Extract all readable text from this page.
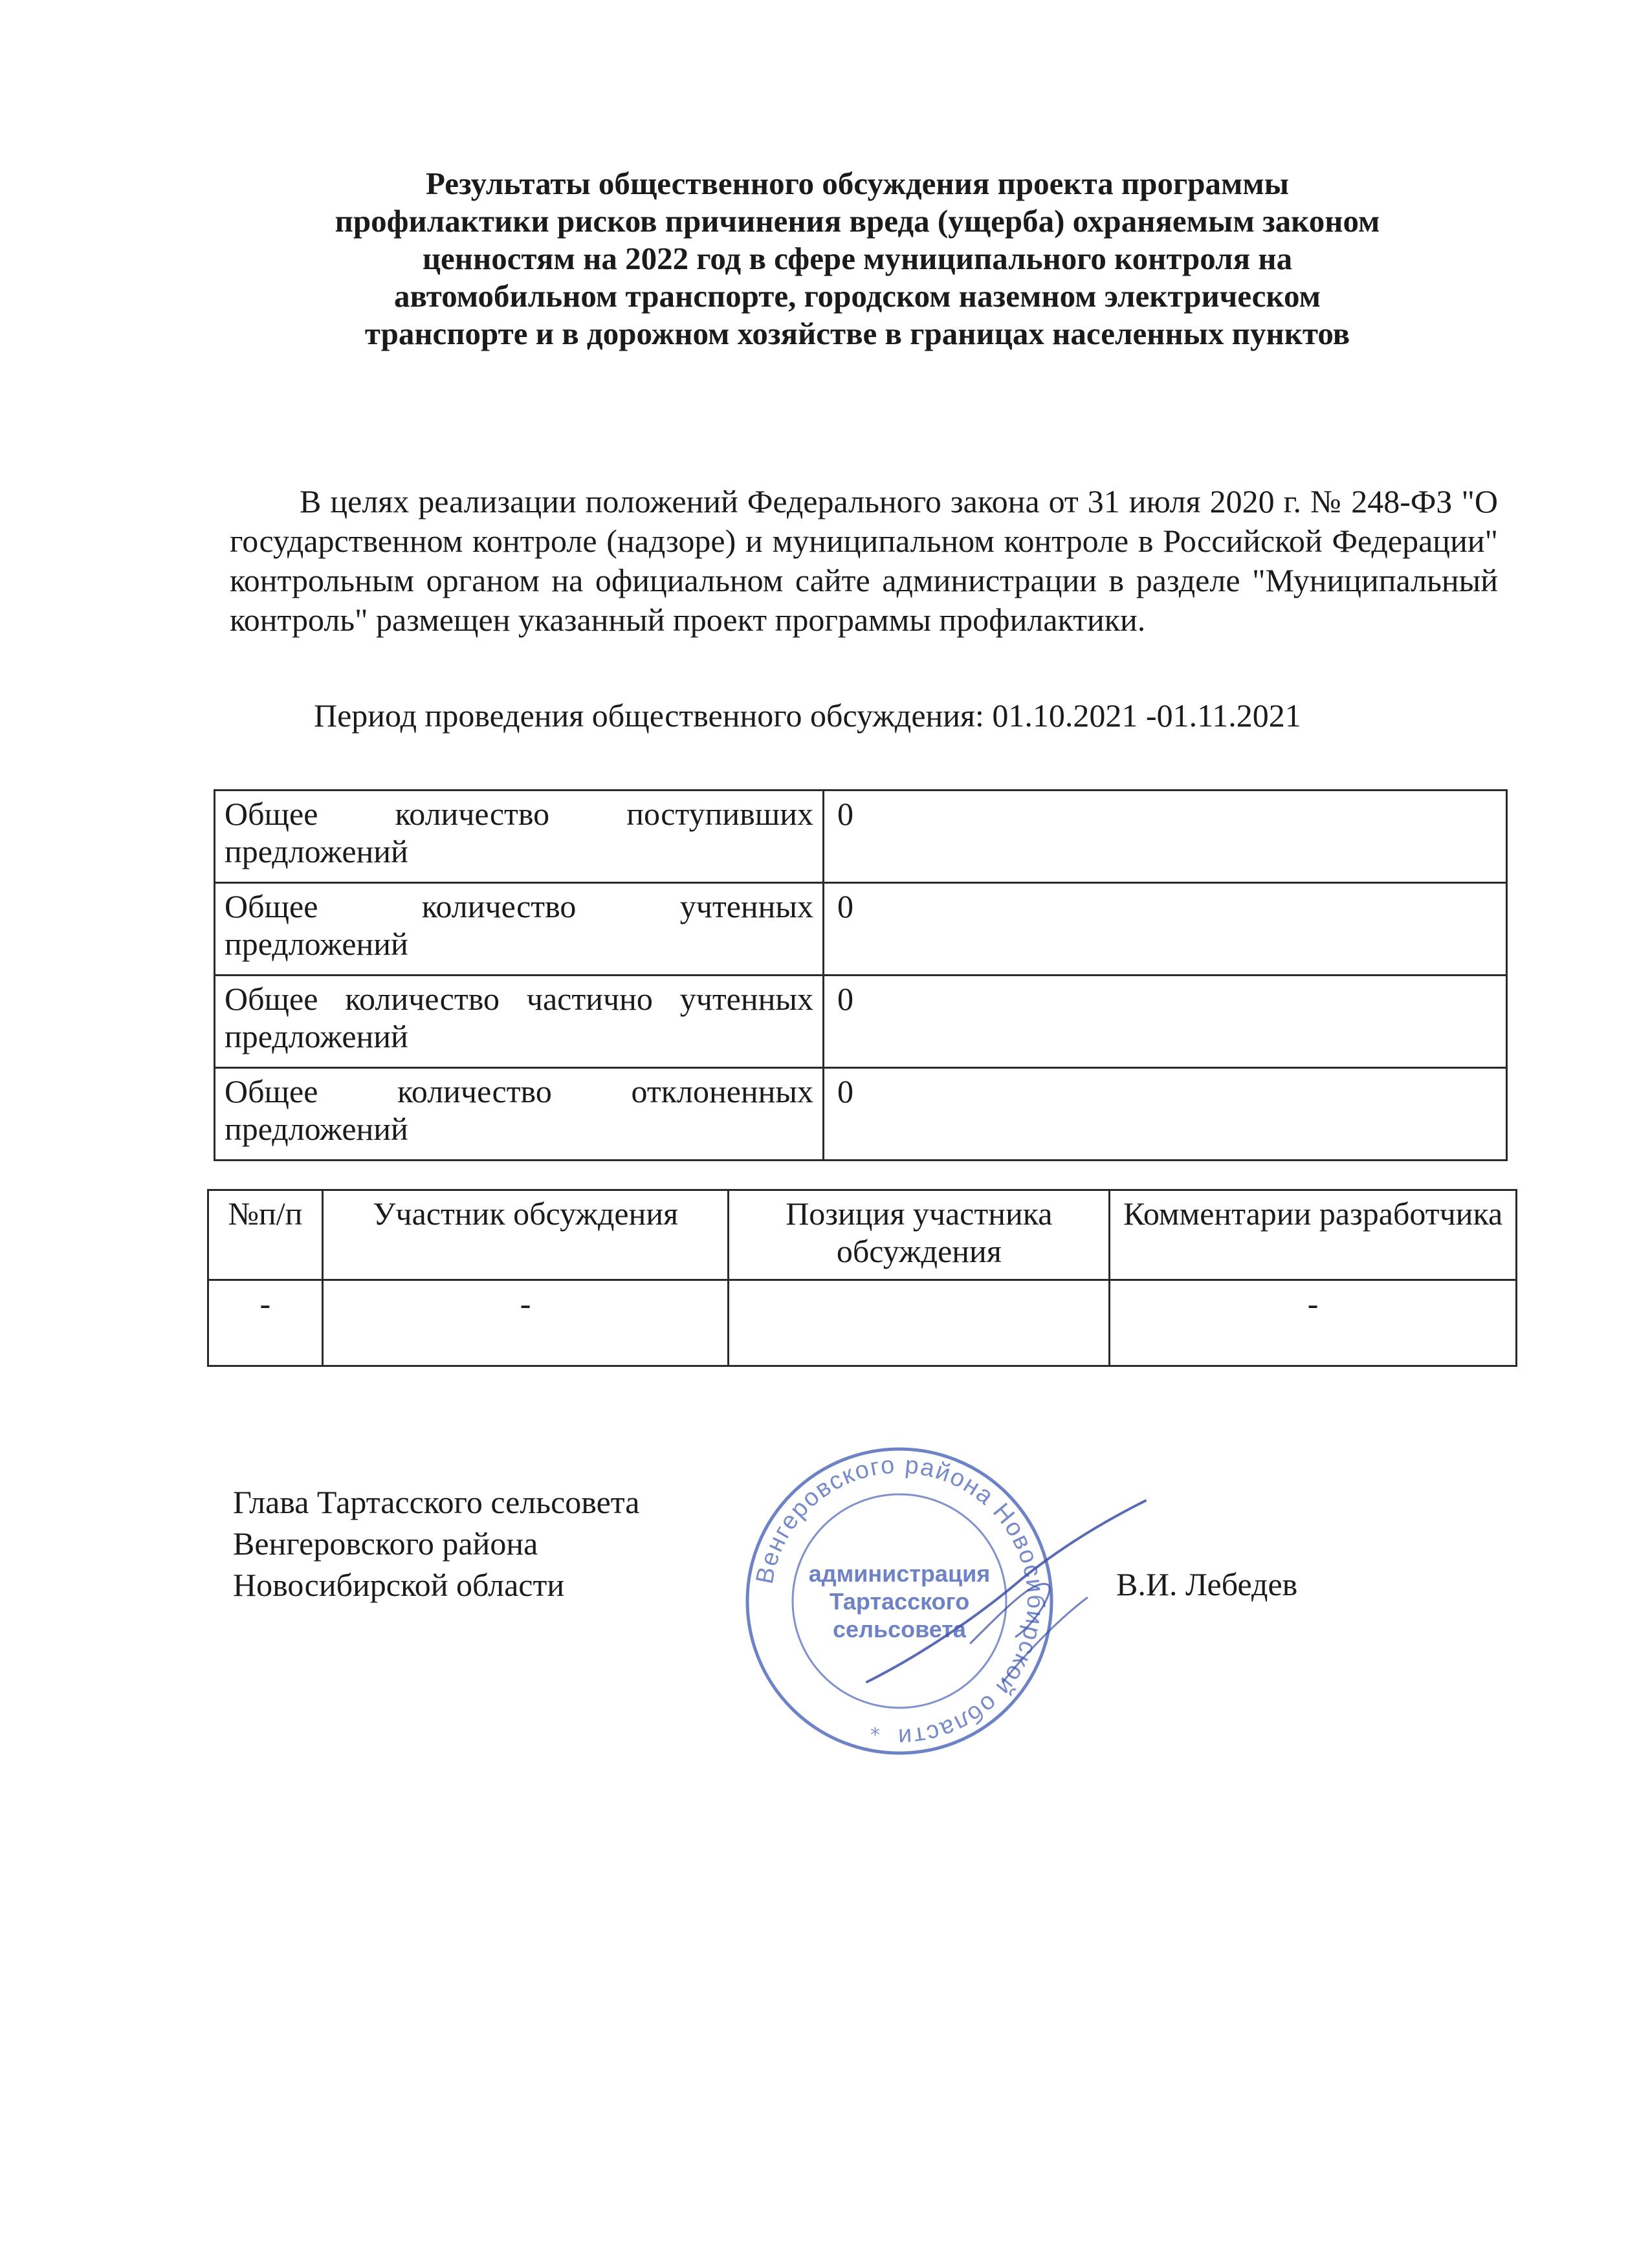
Результаты общественного обсуждения проекта программы
профилактики рисков причинения вреда (ущерба) охраняемым законом
ценностям на 2022 год в сфере муниципального контроля на
автомобильном транспорте, городском наземном электрическом
транспорте и в дорожном хозяйстве в границах населенных пунктов

В целях реализации положений Федерального закона от 31 июля 2020 г. № 248-ФЗ "О государственном контроле (надзоре) и муниципальном контроле в Российской Федерации" контрольным органом на официальном сайте администрации в разделе "Муниципальный контроль" размещен указанный проект программы профилактики.

Период проведения общественного обсуждения: 01.10.2021 -01.11.2021
Общее количество поступивших предложений	0
Общее количество учтенных предложений	0
Общее количество частично учтенных предложений	0
Общее количество отклоненных предложений	0
№п/п	Участник обсуждения	Позиция участника обсуждения	Комментарии разработчика
-	-		-
Глава Тартасского сельсовета
Венгеровского района
Новосибирской области	Венгеровского района Новосибирской области
администрация
Тартасского
сельсовета
*
В.И. Лебедев
